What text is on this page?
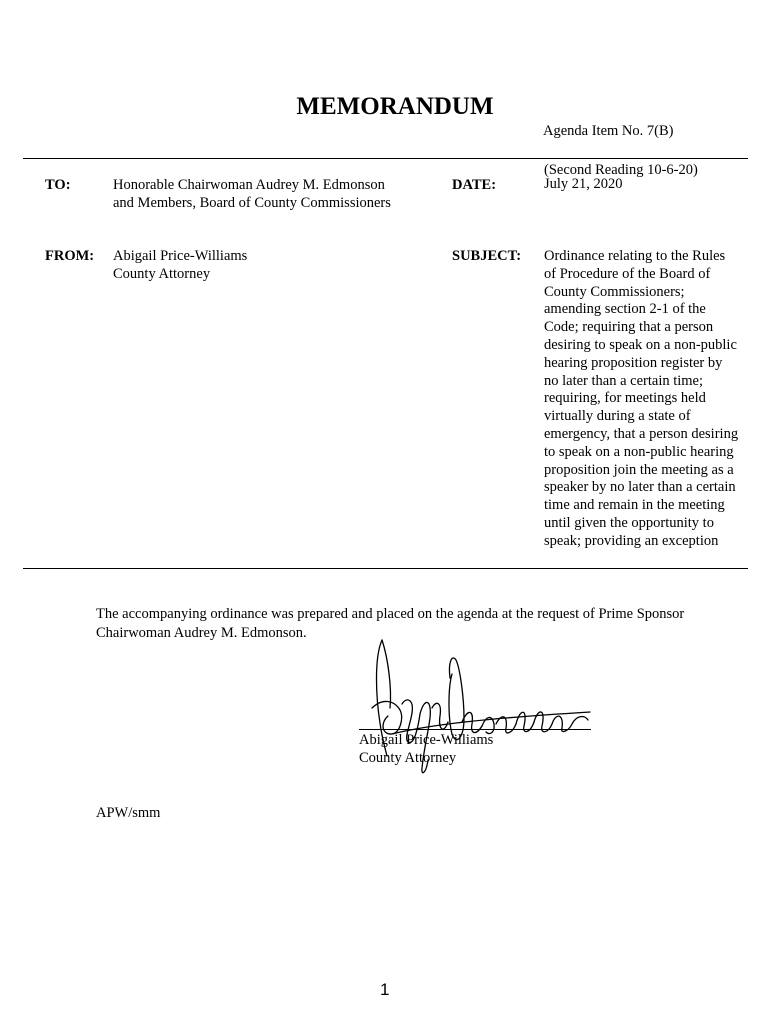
MEMORANDUM
Agenda Item No. 7(B)
TO:	Honorable Chairwoman Audrey M. Edmonson
and Members, Board of County Commissioners
DATE:
(Second Reading 10-6-20)
July 21, 2020
FROM: Abigail Price-Williams
County Attorney
SUBJECT: Ordinance relating to the Rules
of Procedure of the Board of
County Commissioners;
amending section 2-1 of the
Code; requiring that a person
desiring to speak on a non-public
hearing proposition register by
no later than a certain time;
requiring, for meetings held
virtually during a state of
emergency, that a person desiring
to speak on a non-public hearing
proposition join the meeting as a
speaker by no later than a certain
time and remain in the meeting
until given the opportunity to
speak; providing an exception
The accompanying ordinance was prepared and placed on the agenda at the request of Prime Sponsor
Chairwoman Audrey M. Edmonson.
Abigail Price-Williams
County Attorney
APW/smm
1
